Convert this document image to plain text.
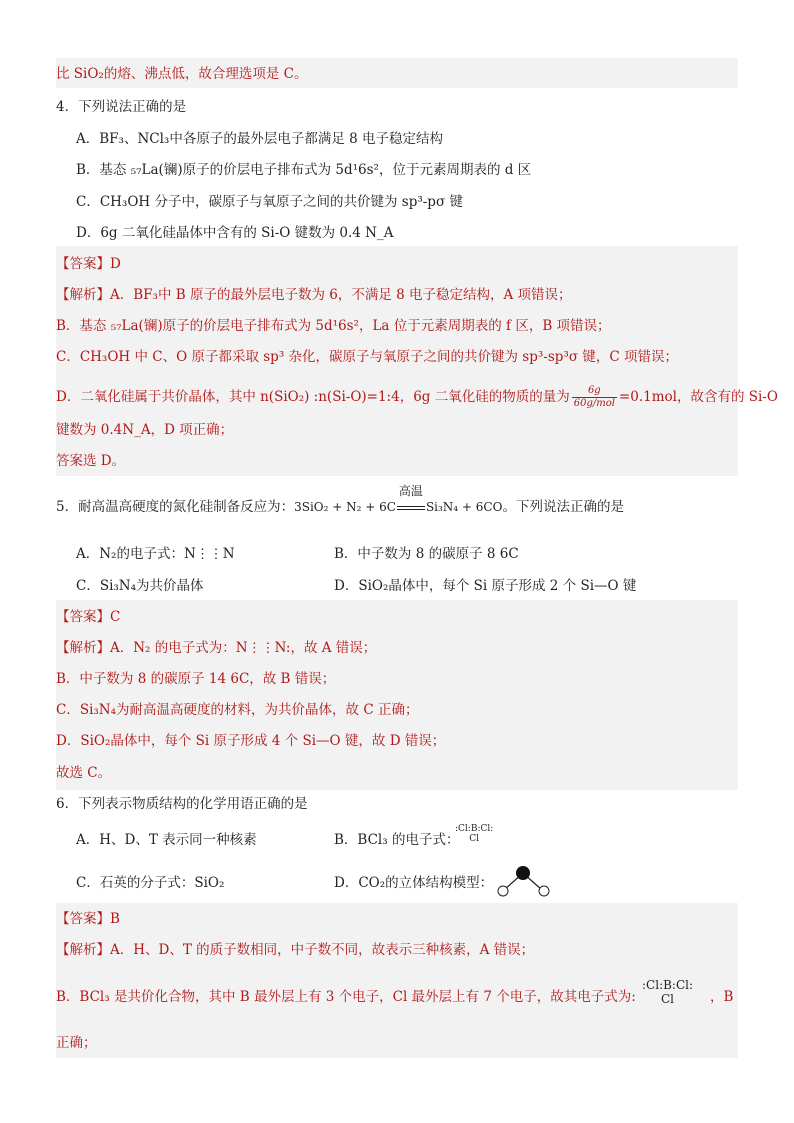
比 SiO₂的熔、沸点低，故合理选项是 C。
4．下列说法正确的是
A．BF₃、NCl₃中各原子的最外层电子都满足 8 电子稳定结构
B．基态 ₅₇La(镧)原子的价层电子排布式为 5d¹6s²，位于元素周期表的 d 区
C．CH₃OH 分子中，碳原子与氧原子之间的共价键为 sp³-pσ 键
D．6g 二氧化硅晶体中含有的 Si-O 键数为 0.4 N_A
【答案】D
【解析】A．BF₃中 B 原子的最外层电子数为 6，不满足 8 电子稳定结构，A 项错误；
B．基态 ₅₇La(镧)原子的价层电子排布式为 5d¹6s²，La 位于元素周期表的 f 区，B 项错误；
C．CH₃OH 中 C、O 原子都采取 sp³ 杂化，碳原子与氧原子之间的共价键为 sp³-sp³σ 键，C 项错误；
D．二氧化硅属于共价晶体，其中 n(SiO₂) :n(Si-O)=1:4，6g 二氧化硅的物质的量为	6g
60g/mol =0.1mol，故含有的 Si-O
键数为 0.4N_A，D 项正确；
答案选 D。
5．耐高温高硬度的氮化硅制备反应为：3SiO₂ + N₂ + 6C
高温
Si₃N₄ + 6CO。下列说法正确的是
A．N₂的电子式：N⋮⋮N	B．中子数为 8 的碳原子 8 6C
C．Si₃N₄为共价晶体	D．SiO₂晶体中，每个 Si 原子形成 2 个 Si—O 键
【答案】C
【解析】A．N₂ 的电子式为：N⋮⋮N:，故 A 错误；
B．中子数为 8 的碳原子 14 6C，故 B 错误；
C．Si₃N₄为耐高温高硬度的材料，为共价晶体，故 C 正确；
D．SiO₂晶体中，每个 Si 原子形成 4 个 Si—O 键，故 D 错误；
故选 C。
6．下列表示物质结构的化学用语正确的是
A．H、D、T 表示同一种核素	B．BCl₃ 的电子式：
:Cl:B:Cl:
Cl
C．石英的分子式：SiO₂	D．CO₂的立体结构模型：
【答案】B
【解析】A．H、D、T 的质子数相同，中子数不同，故表示三种核素，A 错误；
B．BCl₃ 是共价化合物，其中 B 最外层上有 3 个电子，Cl 最外层上有 7 个电子，故其电子式为:
:Cl:B:Cl:
Cl	，B
正确；
